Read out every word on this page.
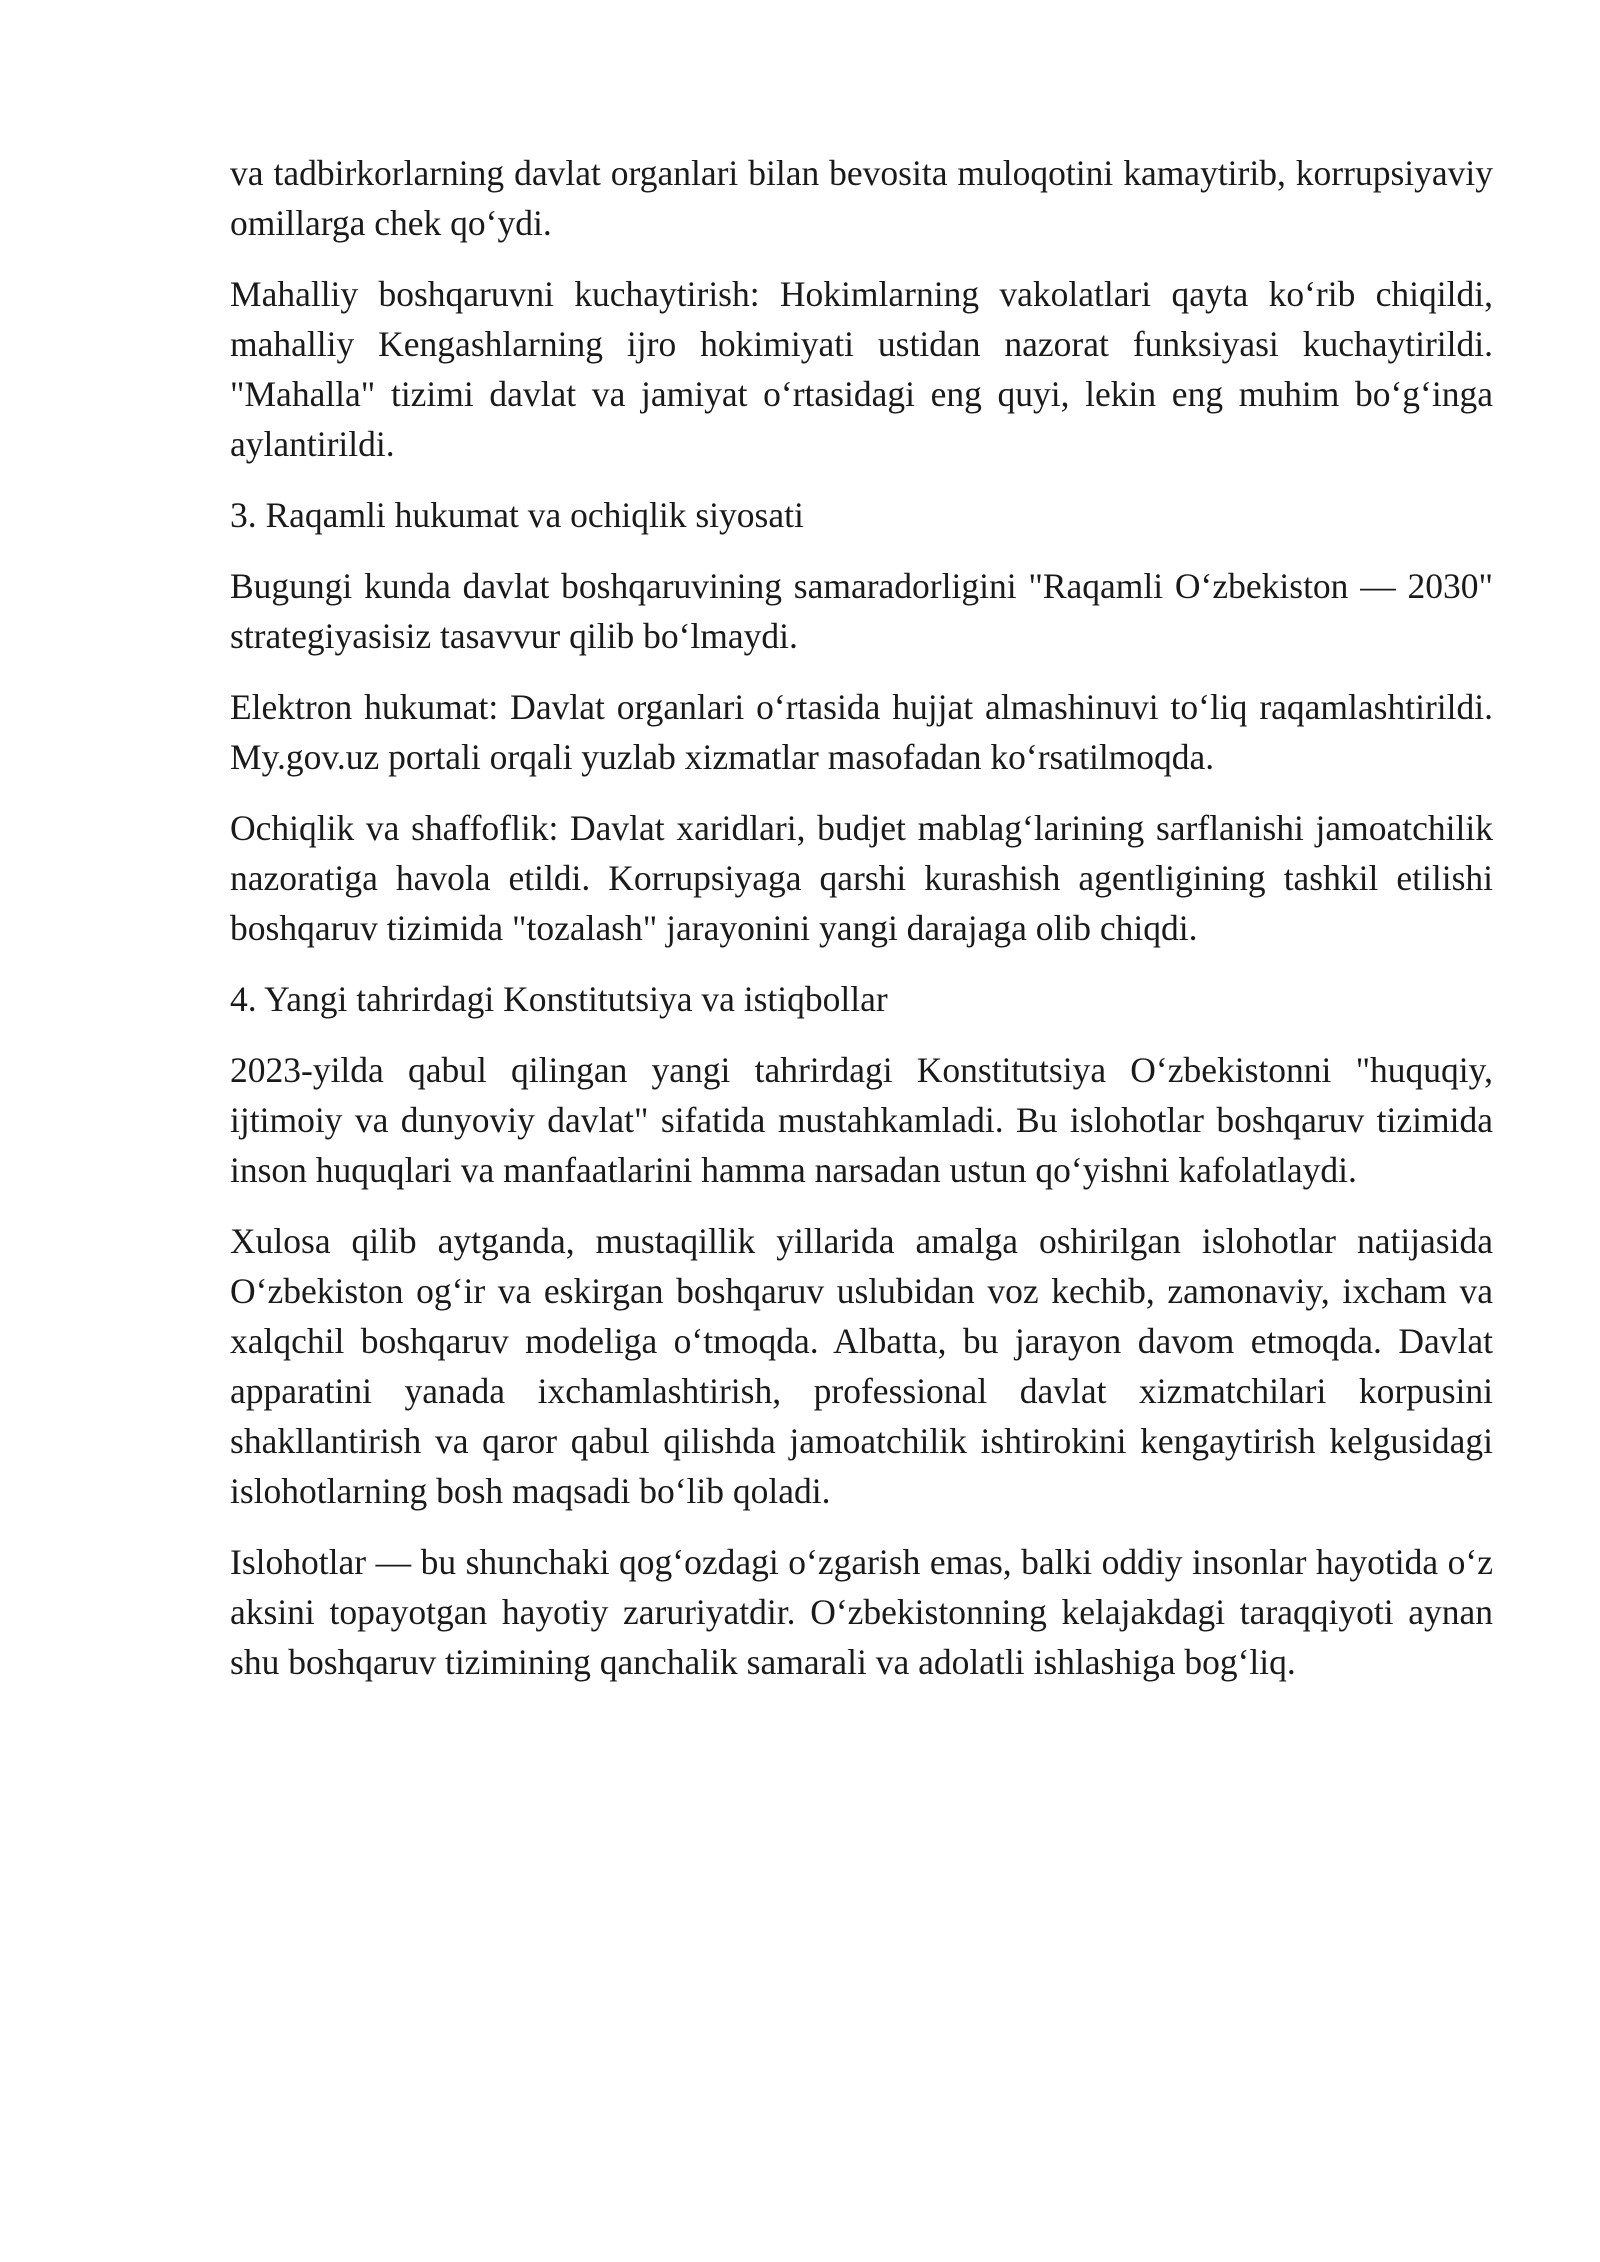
va tadbirkorlarning davlat organlari bilan bevosita muloqotini kamaytirib, korrupsiyaviy omillarga chek qo‘ydi.

Mahalliy boshqaruvni kuchaytirish: Hokimlarning vakolatlari qayta ko‘rib chiqildi, mahalliy Kengashlarning ijro hokimiyati ustidan nazorat funksiyasi kuchaytirildi. "Mahalla" tizimi davlat va jamiyat o‘rtasidagi eng quyi, lekin eng muhim bo‘g‘inga aylantirildi.

3. Raqamli hukumat va ochiqlik siyosati

Bugungi kunda davlat boshqaruvining samaradorligini "Raqamli O‘zbekiston — 2030" strategiyasisiz tasavvur qilib bo‘lmaydi.

Elektron hukumat: Davlat organlari o‘rtasida hujjat almashinuvi to‘liq raqamlashtirildi. My.gov.uz portali orqali yuzlab xizmatlar masofadan ko‘rsatilmoqda.

Ochiqlik va shaffoflik: Davlat xaridlari, budjet mablag‘larining sarflanishi jamoatchilik nazoratiga havola etildi. Korrupsiyaga qarshi kurashish agentligining tashkil etilishi boshqaruv tizimida "tozalash" jarayonini yangi darajaga olib chiqdi.

4. Yangi tahrirdagi Konstitutsiya va istiqbollar

2023-yilda qabul qilingan yangi tahrirdagi Konstitutsiya O‘zbekistonni "huquqiy, ijtimoiy va dunyoviy davlat" sifatida mustahkamladi. Bu islohotlar boshqaruv tizimida inson huquqlari va manfaatlarini hamma narsadan ustun qo‘yishni kafolatlaydi.

Xulosa qilib aytganda, mustaqillik yillarida amalga oshirilgan islohotlar natijasida O‘zbekiston og‘ir va eskirgan boshqaruv uslubidan voz kechib, zamonaviy, ixcham va xalqchil boshqaruv modeliga o‘tmoqda. Albatta, bu jarayon davom etmoqda. Davlat apparatini yanada ixchamlashtirish, professional davlat xizmatchilari korpusini shakllantirish va qaror qabul qilishda jamoatchilik ishtirokini kengaytirish kelgusidagi islohotlarning bosh maqsadi bo‘lib qoladi.

Islohotlar — bu shunchaki qog‘ozdagi o‘zgarish emas, balki oddiy insonlar hayotida o‘z aksini topayotgan hayotiy zaruriyatdir. O‘zbekistonning kelajakdagi taraqqiyoti aynan shu boshqaruv tizimining qanchalik samarali va adolatli ishlashiga bog‘liq.
